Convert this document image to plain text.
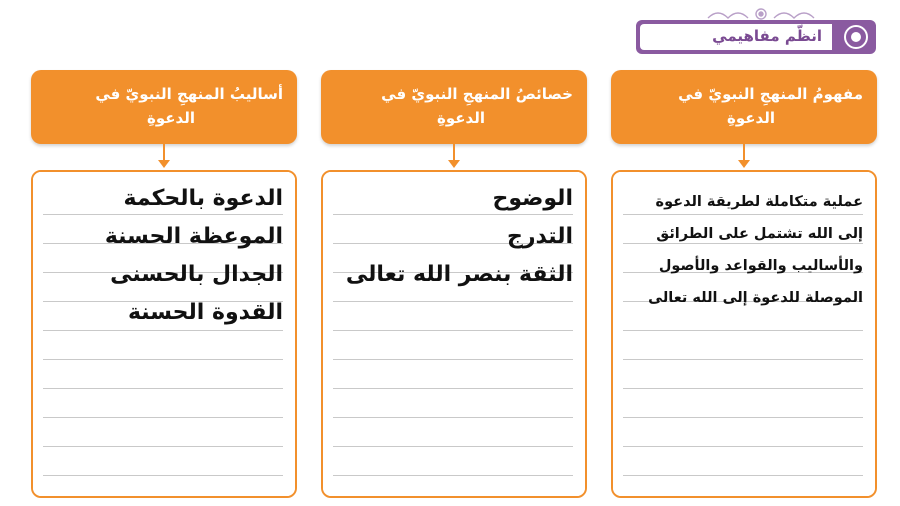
انظّم مفاهيمي
مفهومُ المنهجِ النبويّ في
الدعوةِ
عملية متكاملة لطريقة الدعوة
إلى الله تشتمل على الطرائق
والأساليب والقواعد والأصول
الموصلة للدعوة إلى الله تعالى
خصائصُ المنهجِ النبويّ في
الدعوةِ
الوضوح
التدرج
الثقة بنصر الله تعالى
أساليبُ المنهجِ النبويّ في
الدعوةِ
الدعوة بالحكمة
الموعظة الحسنة
الجدال بالحسنى
القدوة الحسنة
